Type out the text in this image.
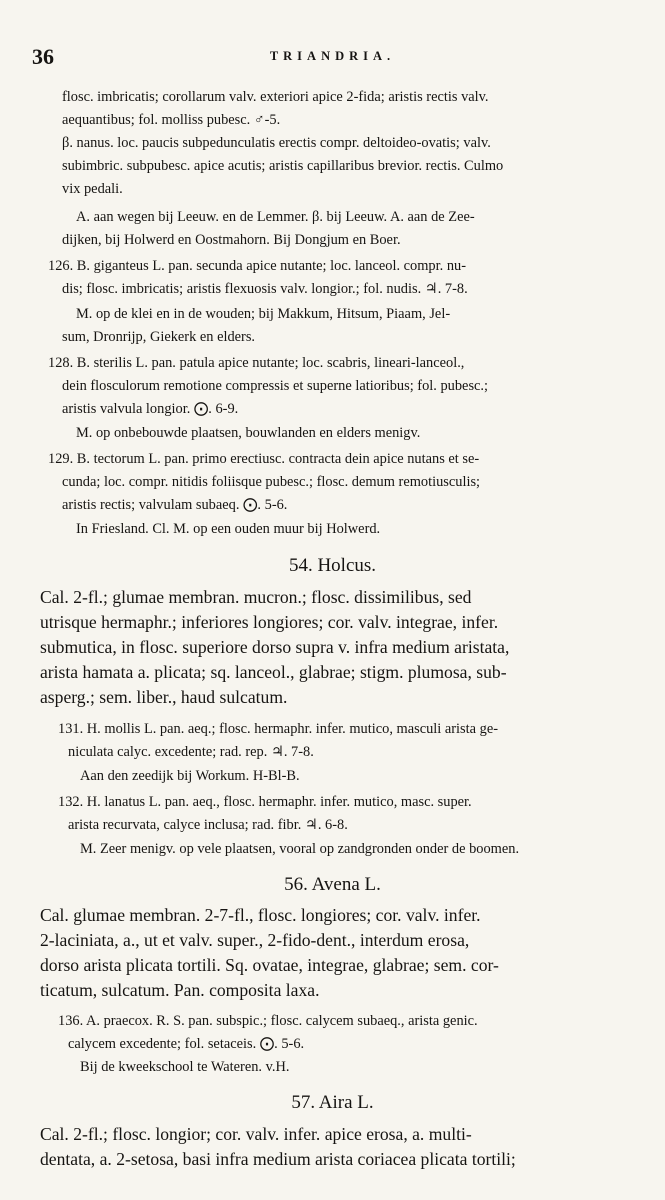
36	TRIANDRIA.
flosc. imbricatis; corollarum valv. exteriori apice 2-fida; aristis rectis valv.
aequantibus; fol. molliss pubesc. ♂-5.
β. nanus. loc. paucis subpedunculatis erectis compr. deltoideo-ovatis; valv.
subimbric. subpubesc. apice acutis; aristis capillaribus brevior. rectis. Culmo
vix pedali.
A. aan wegen bij Leeuw. en de Lemmer. β. bij Leeuw. A. aan de Zee-
dijken, bij Holwerd en Oostmahorn. Bij Dongjum en Boer.
126. B. giganteus L. pan. secunda apice nutante; loc. lanceol. compr. nu-
dis; flosc. imbricatis; aristis flexuosis valv. longior.; fol. nudis. ♃. 7-8.
M. op de klei en in de wouden; bij Makkum, Hitsum, Piaam, Jel-
sum, Dronrijp, Giekerk en elders.
128. B. sterilis L. pan. patula apice nutante; loc. scabris, lineari-lanceol.,
dein flosculorum remotione compressis et superne latioribus; fol. pubesc.;
aristis valvula longior. ⨀. 6-9.
M. op onbebouwde plaatsen, bouwlanden en elders menigv.
129. B. tectorum L. pan. primo erectiusc. contracta dein apice nutans et se-
cunda; loc. compr. nitidis foliisque pubesc.; flosc. demum remotiusculis;
aristis rectis; valvulam subaeq. ⨀. 5-6.
In Friesland. Cl. M. op een ouden muur bij Holwerd.
54. Holcus.
Cal. 2-fl.; glumae membran. mucron.; flosc. dissimilibus, sed
utrisque hermaphr.; inferiores longiores; cor. valv. integrae, infer.
submutica, in flosc. superiore dorso supra v. infra medium aristata,
arista hamata a. plicata; sq. lanceol., glabrae; stigm. plumosa, sub-
asperg.; sem. liber., haud sulcatum.
131. H. mollis L. pan. aeq.; flosc. hermaphr. infer. mutico, masculi arista ge-
niculata calyc. excedente; rad. rep. ♃. 7-8.
Aan den zeedijk bij Workum. H-Bl-B.
132. H. lanatus L. pan. aeq., flosc. hermaphr. infer. mutico, masc. super.
arista recurvata, calyce inclusa; rad. fibr. ♃. 6-8.
M. Zeer menigv. op vele plaatsen, vooral op zandgronden onder de boomen.
56. Avena L.
Cal. glumae membran. 2-7-fl., flosc. longiores; cor. valv. infer.
2-laciniata, a., ut et valv. super., 2-fido-dent., interdum erosa,
dorso arista plicata tortili. Sq. ovatae, integrae, glabrae; sem. cor-
ticatum, sulcatum. Pan. composita laxa.
136. A. praecox. R. S. pan. subspic.; flosc. calycem subaeq., arista genic.
calycem excedente; fol. setaceis. ⨀. 5-6.
Bij de kweekschool te Wateren. v.H.
57. Aira L.
Cal. 2-fl.; flosc. longior; cor. valv. infer. apice erosa, a. multi-
dentata, a. 2-setosa, basi infra medium arista coriacea plicata tortili;
